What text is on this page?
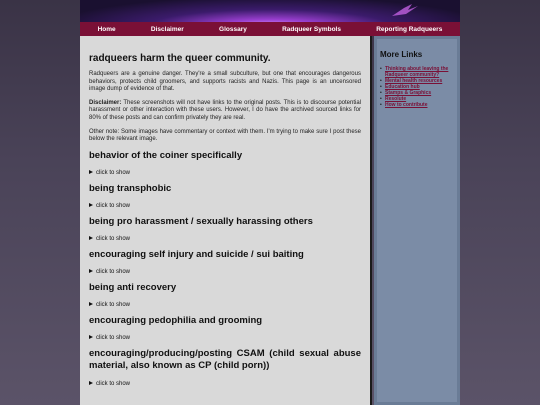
Home	Disclaimer	Glossary	Radqueer Symbols	Reporting Radqueers
radqueers harm the queer community.

Radqueers are a genuine danger. They're a small subculture, but one that encourages dangerous behaviors, protects child groomers, and supports racists and Nazis. This page is an uncensored image dump of evidence of that.

Disclaimer: These screenshots will not have links to the original posts. This is to discourse potential harassment or other interaction with these users. However, I do have the archived sourced links for 80% of these posts and can confirm privately they are real.

Other note: Some images have commentary or context with them. I'm trying to make sure I post these below the relevant image.

behavior of the coiner specifically
click to show
being transphobic
click to show
being pro harassment / sexually harassing others
click to show
encouraging self injury and suicide / sui baiting
click to show
being anti recovery
click to show
encouraging pedophilia and grooming
click to show
encouraging/producing/posting CSAM (child sexual abuse material, also known as CP (child porn))
click to show
More Links
• Thinking about leaving the Radqueer community?
• Mental health resources
• Education hub
• Stamps & Graphics
• Resolute
• How to contribute
